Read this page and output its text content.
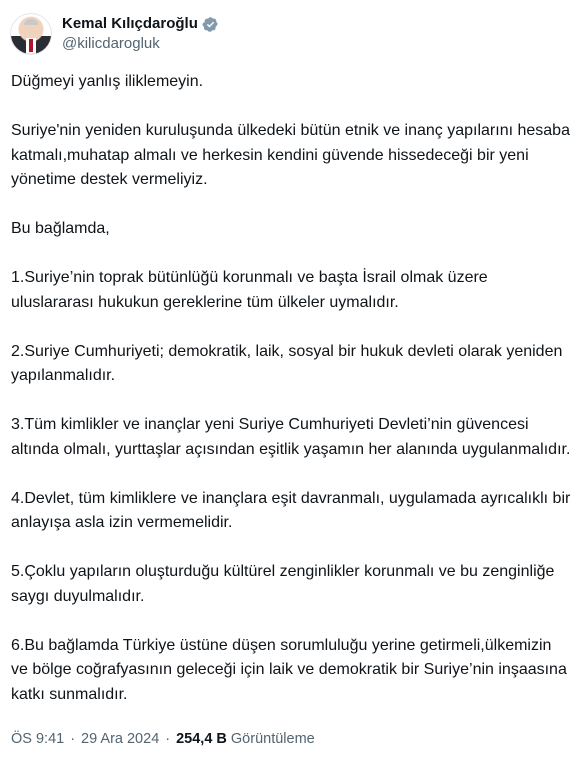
Kemal Kılıçdaroğlu
@kilicdarogluk

Düğmeyi yanlış iliklemeyin.

Suriye'nin yeniden kuruluşunda ülkedeki bütün etnik ve inanç yapılarını hesaba katmalı,muhatap almalı ve herkesin kendini güvende hissedeceği bir yeni yönetime destek vermeliyiz.

Bu bağlamda,

1.Suriye’nin toprak bütünlüğü korunmalı ve başta İsrail olmak üzere uluslararası hukukun gereklerine tüm ülkeler uymalıdır.

2.Suriye Cumhuriyeti; demokratik, laik, sosyal bir hukuk devleti olarak yeniden yapılanmalıdır.

3.Tüm kimlikler ve inançlar yeni Suriye Cumhuriyeti Devleti’nin güvencesi altında olmalı, yurttaşlar açısından eşitlik yaşamın her alanında uygulanmalıdır.

4.Devlet, tüm kimliklere ve inançlara eşit davranmalı, uygulamada ayrıcalıklı bir anlayışa asla izin vermemelidir.

5.Çoklu yapıların oluşturduğu kültürel zenginlikler korunmalı ve bu zenginliğe saygı duyulmalıdır.

6.Bu bağlamda Türkiye üstüne düşen sorumluluğu yerine getirmeli,ülkemizin ve bölge coğrafyasının geleceği için laik ve demokratik bir Suriye’nin inşaasına katkı sunmalıdır.

ÖS 9:41 · 29 Ara 2024 · 254,4 B Görüntüleme
